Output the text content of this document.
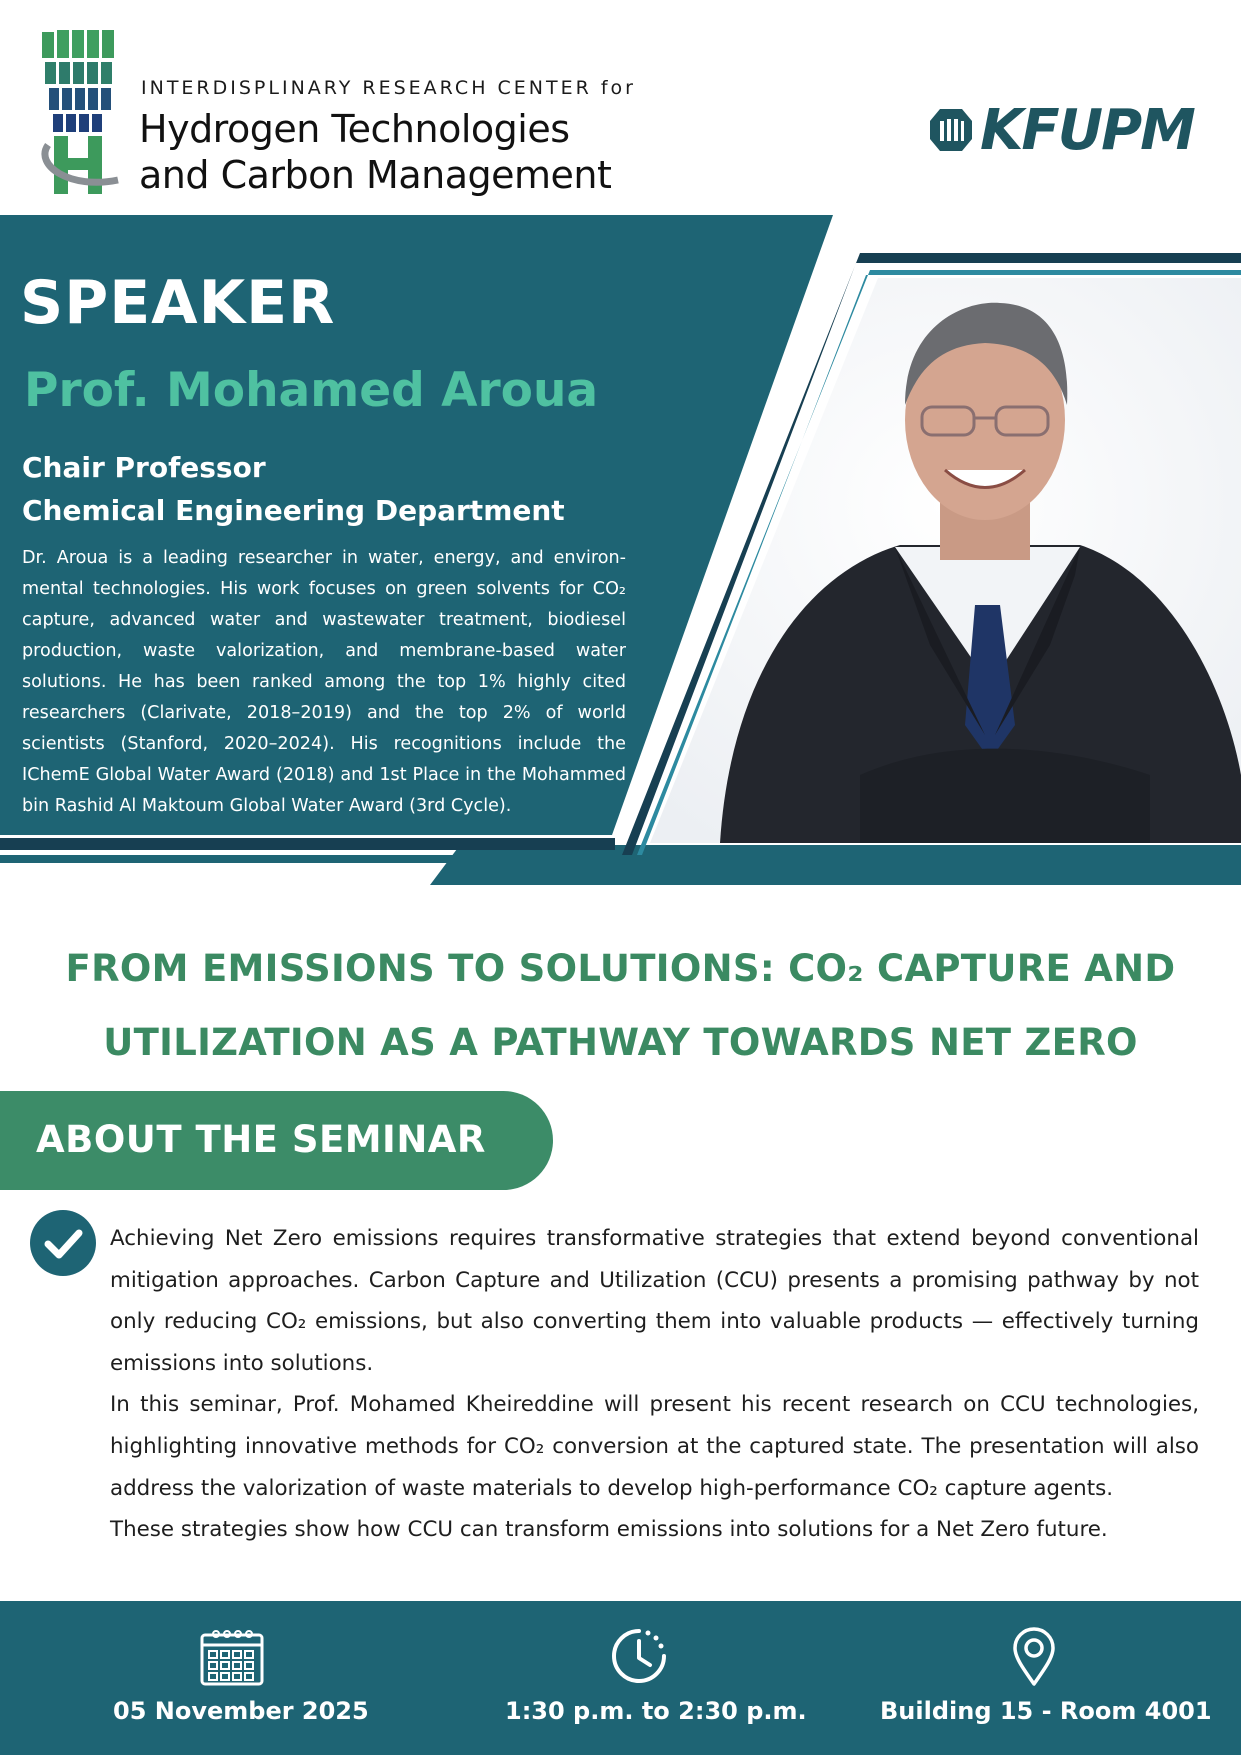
INTERDISPLINARY RESEARCH CENTER for
Hydrogen Technologies
and Carbon Management
KFUPM
SPEAKER
Prof. Mohamed Aroua
Chair Professor
Chemical Engineering Department
Dr. Aroua is a leading researcher in water, energy, and environmental technologies. His work focuses on green solvents for CO₂ capture, advanced water and wastewater treatment, biodiesel production, waste valorization, and membrane-based water solutions. He has been ranked among the top 1% highly cited researchers (Clarivate, 2018–2019) and the top 2% of world scientists (Stanford, 2020–2024). His recognitions include the IChemE Global Water Award (2018) and 1st Place in the Mohammed bin Rashid Al Maktoum Global Water Award (3rd Cycle).
FROM EMISSIONS TO SOLUTIONS: CO₂ CAPTURE AND
UTILIZATION AS A PATHWAY TOWARDS NET ZERO
ABOUT THE SEMINAR

Achieving Net Zero emissions requires transformative strategies that extend beyond conventional mitigation approaches. Carbon Capture and Utilization (CCU) presents a promising pathway by not only reducing CO₂ emissions, but also converting them into valuable products — effectively turning emissions into solutions.

In this seminar, Prof. Mohamed Kheireddine will present his recent research on CCU technologies, highlighting innovative methods for CO₂ conversion at the captured state. The presentation will also address the valorization of waste materials to develop high-performance CO₂ capture agents.

These strategies show how CCU can transform emissions into solutions for a Net Zero future.

05 November 2025	1:30 p.m. to 2:30 p.m.	Building 15 - Room 4001
